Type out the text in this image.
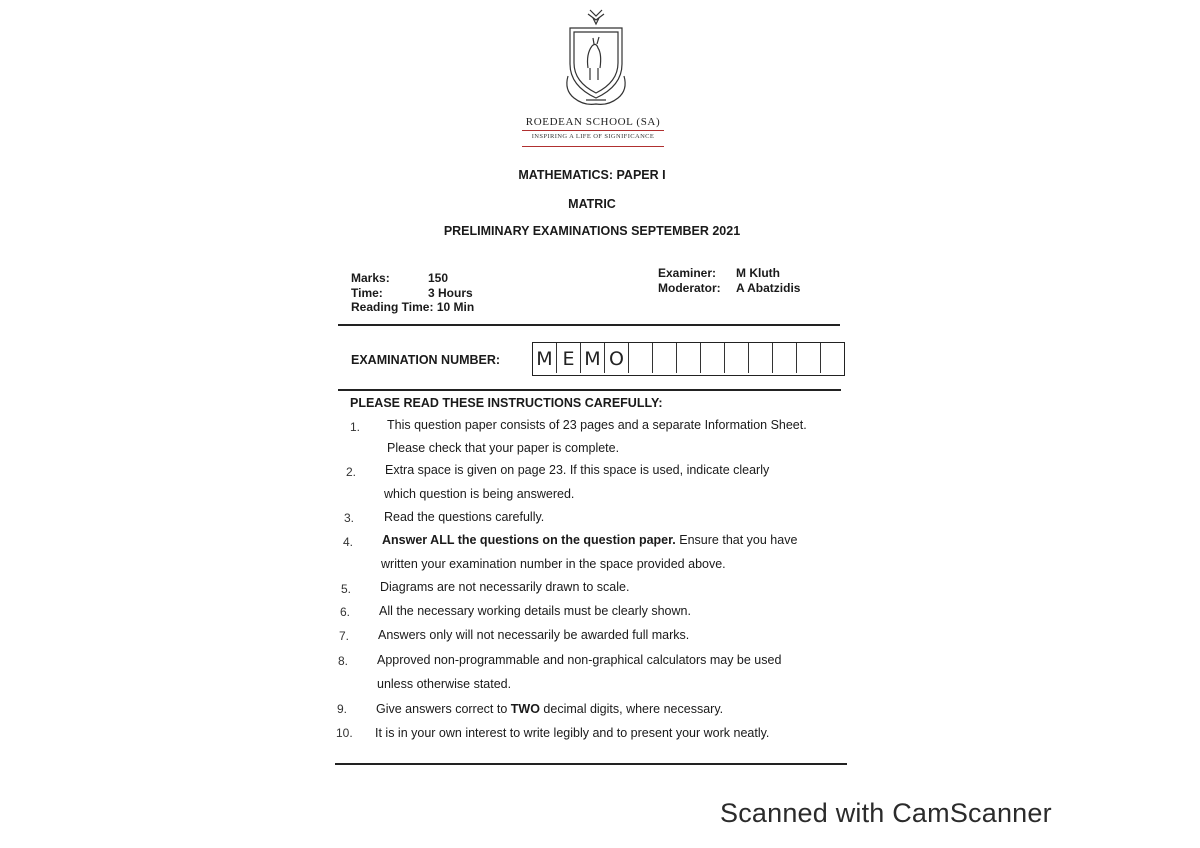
ROEDEAN SCHOOL (SA)
INSPIRING A LIFE OF SIGNIFICANCE
MATHEMATICS: PAPER I
MATRIC
PRELIMINARY EXAMINATIONS SEPTEMBER 2021
Marks:	150
Time:	3 Hours
Reading Time: 10 Min
Examiner: M Kluth
Moderator: A Abatzidis
EXAMINATION NUMBER: M E M O
PLEASE READ THESE INSTRUCTIONS CAREFULLY:
1. This question paper consists of 23 pages and a separate Information Sheet.
Please check that your paper is complete.
2. Extra space is given on page 23. If this space is used, indicate clearly
which question is being answered.
3. Read the questions carefully.
4. Answer ALL the questions on the question paper. Ensure that you have
written your examination number in the space provided above.
5. Diagrams are not necessarily drawn to scale.
6. All the necessary working details must be clearly shown.
7. Answers only will not necessarily be awarded full marks.
8. Approved non-programmable and non-graphical calculators may be used
unless otherwise stated.
9. Give answers correct to TWO decimal digits, where necessary.
10. It is in your own interest to write legibly and to present your work neatly.
Scanned with CamScanner
